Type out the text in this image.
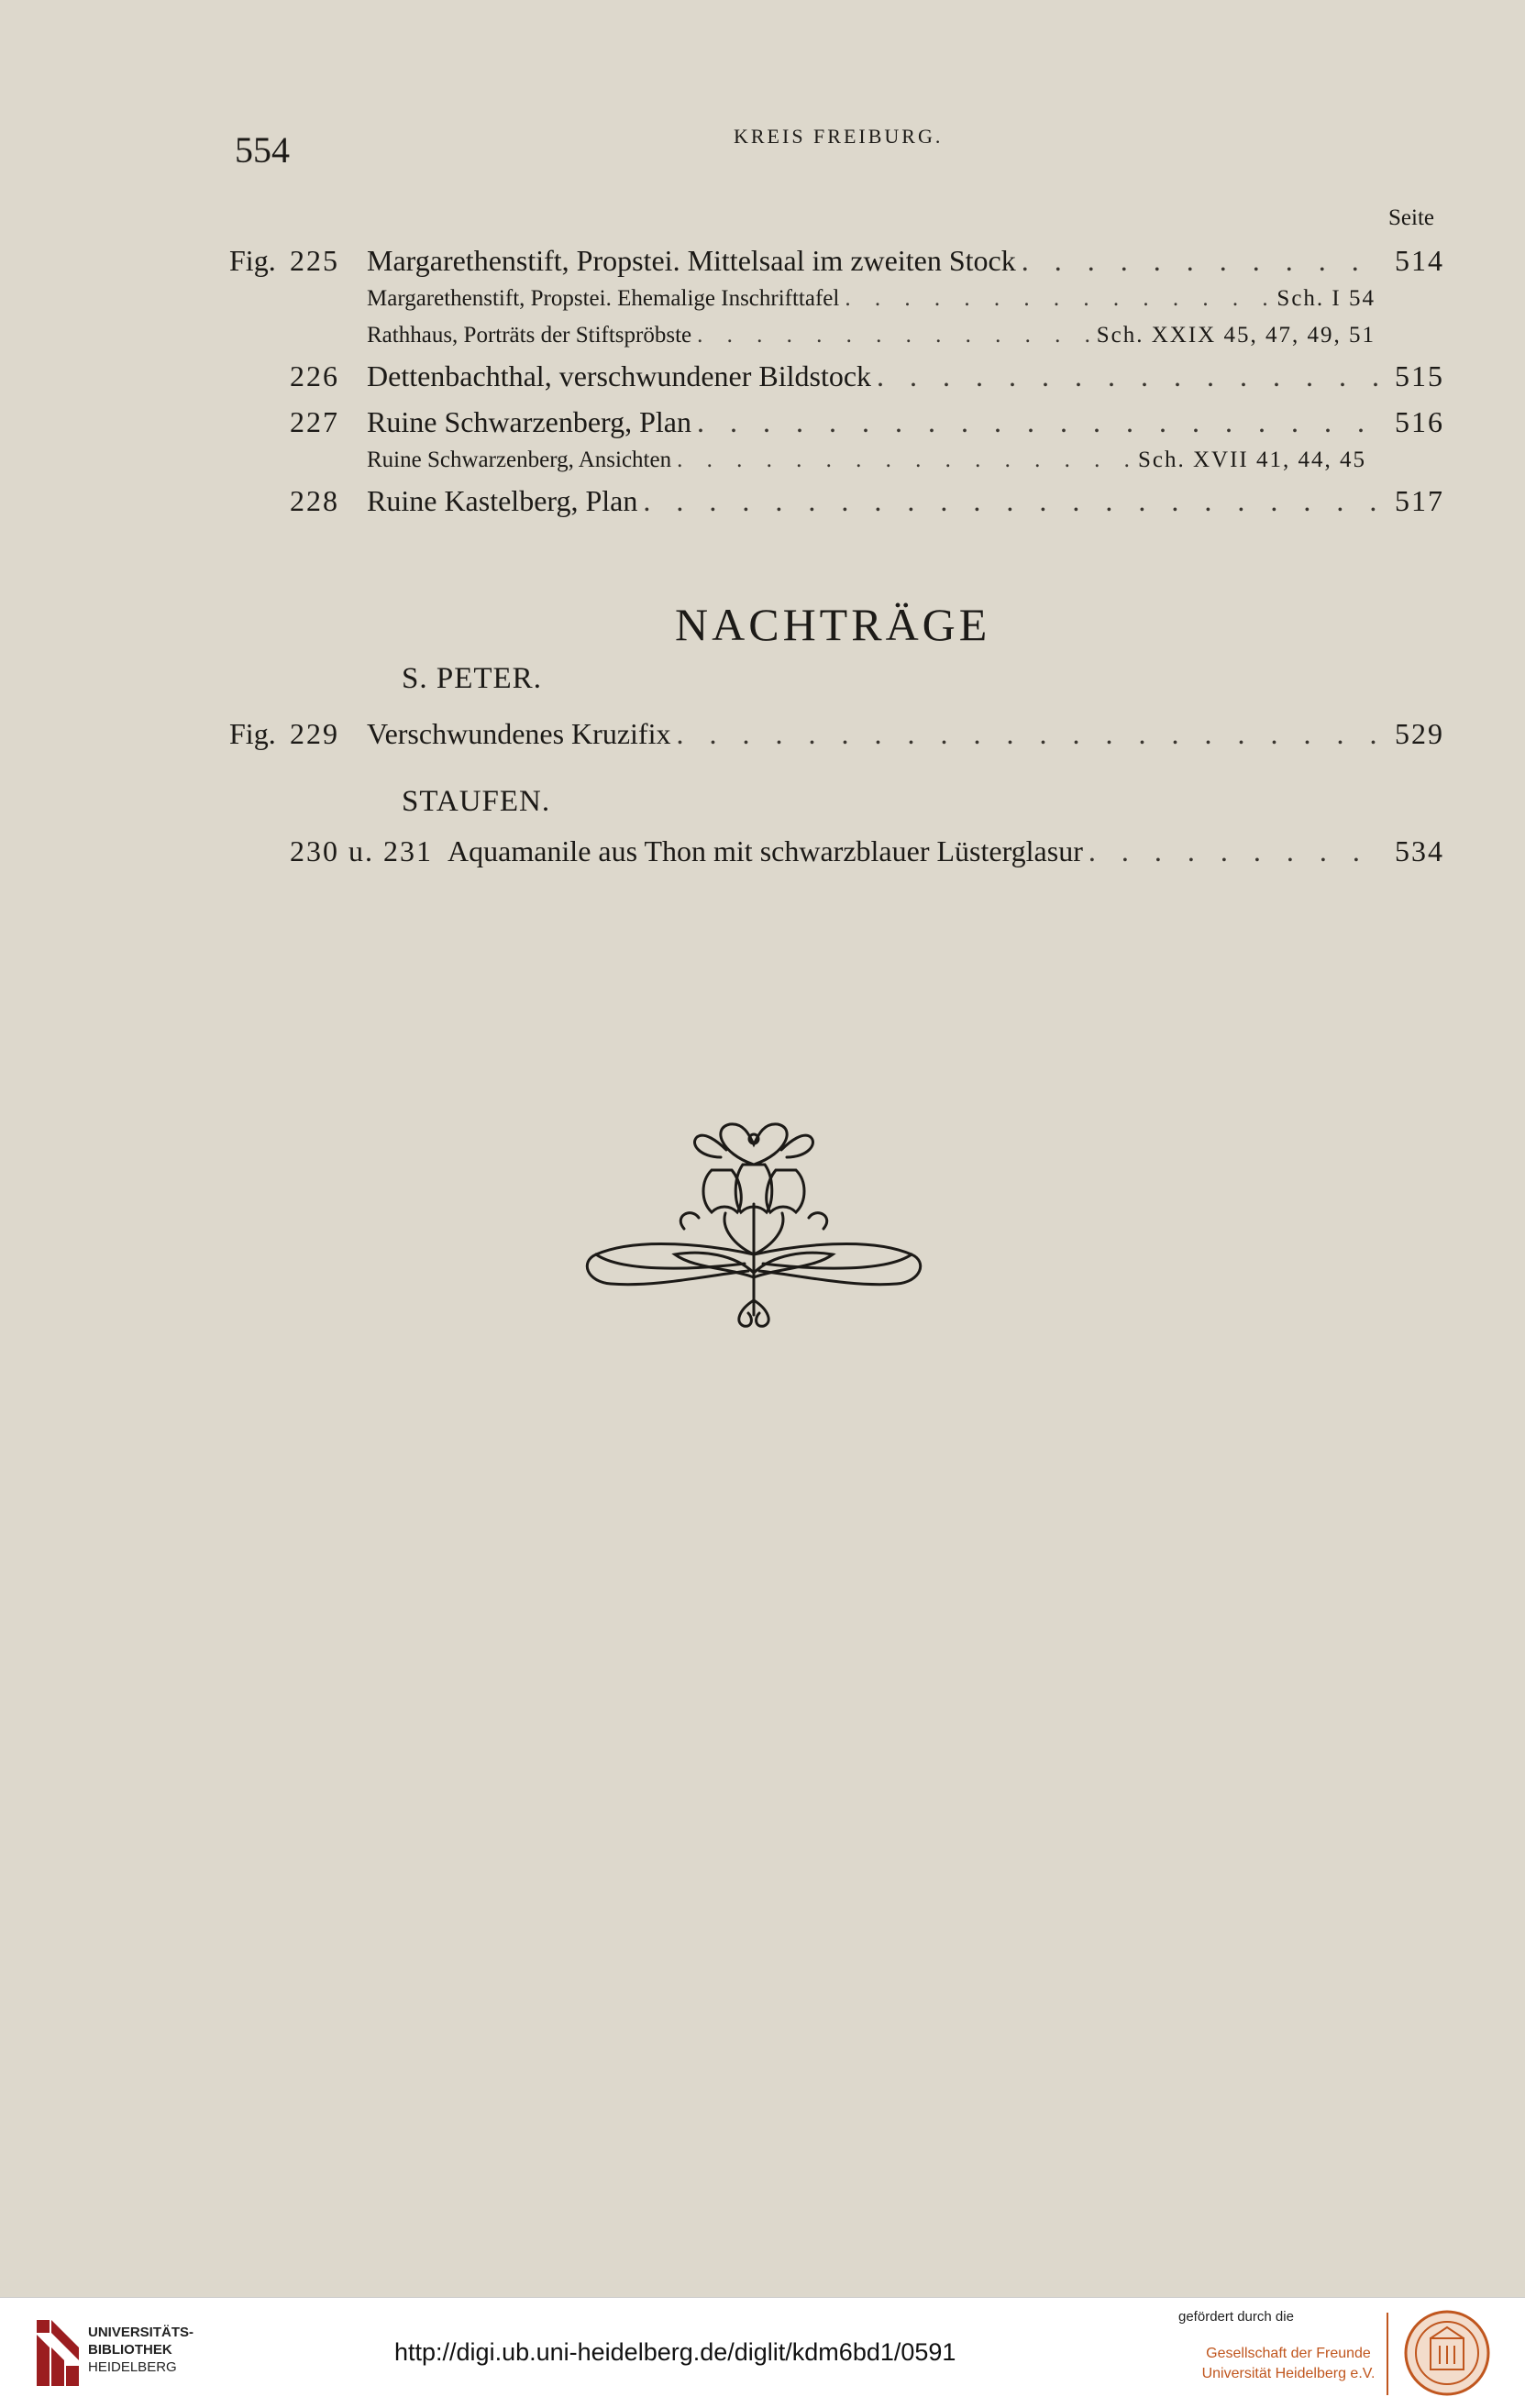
554	KREIS FREIBURG.
Seite
Fig. 225 Margarethenstift, Propstei. Mittelsaal im zweiten Stock . . .	514
Margarethenstift, Propstei. Ehemalige Inschrifttafel . . .	Sch. I 54
Rathhaus, Porträts der Stiftspröbste . . .	Sch. XXIX 45, 47, 49, 51
226 Dettenbachthal, verschwundener Bildstock . . .	515
227 Ruine Schwarzenberg, Plan . . .	516
Ruine Schwarzenberg, Ansichten . . .	Sch. XVII 41, 44, 45
228 Ruine Kastelberg, Plan . . .	517
NACHTRÄGE
S. PETER.
Fig. 229 Verschwundenes Kruzifix . . .	529
STAUFEN.
230 u. 231 Aquamanile aus Thon mit schwarzblauer Lüsterglasur . . .	534
UNIVERSITÄTS-
BIBLIOTHEK
HEIDELBERG
http://digi.ub.uni-heidelberg.de/diglit/kdm6bd1/0591
gefördert durch die
Gesellschaft der Freunde
Universität Heidelberg e.V.
